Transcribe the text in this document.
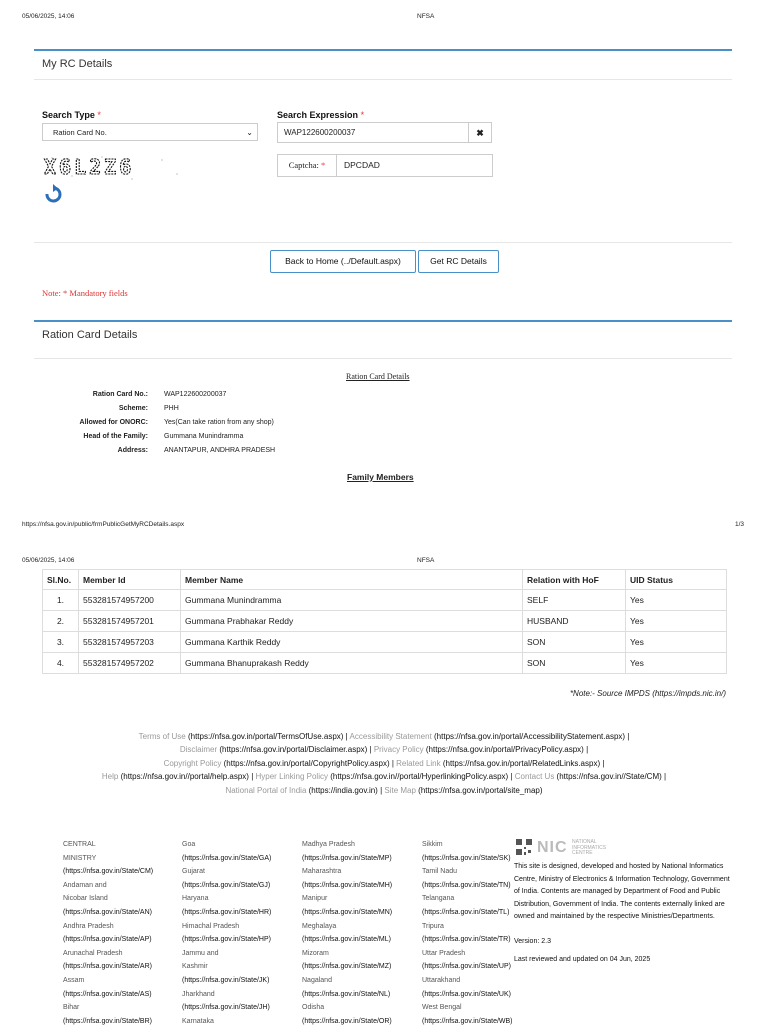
05/06/2025, 14:06	NFSA
My RC Details
Search Type *
Ration Card No.	⌄
Search Expression *
WAP122600200037	✖
X6L2Z6	Captcha: *	DPCDAD
Back to Home (../Default.aspx)	Get RC Details
Note: * Mandatory fields
Ration Card Details
Ration Card Details
Ration Card No.: WAP122600200037
Scheme: PHH
Allowed for ONORC: Yes(Can take ration from any shop)
Head of the Family: Gummana Munindramma
Address: ANANTAPUR, ANDHRA PRADESH
Family Members
https://nfsa.gov.in/public/frmPublicGetMyRCDetails.aspx	1/3
05/06/2025, 14:06	NFSA
Sl.No.	Member Id	Member Name	Relation with HoF	UID Status
1.	553281574957200	Gummana Munindramma	SELF	Yes
2.	553281574957201	Gummana Prabhakar Reddy	HUSBAND	Yes
3.	553281574957203	Gummana Karthik Reddy	SON	Yes
4.	553281574957202	Gummana Bhanuprakash Reddy	SON	Yes
*Note:- Source IMPDS (https://impds.nic.in/)
Terms of Use (https://nfsa.gov.in/portal/TermsOfUse.aspx) | Accessibility Statement (https://nfsa.gov.in/portal/AccessibilityStatement.aspx) |
Disclaimer (https://nfsa.gov.in/portal/Disclaimer.aspx) | Privacy Policy (https://nfsa.gov.in/portal/PrivacyPolicy.aspx) |
Copyright Policy (https://nfsa.gov.in/portal/CopyrightPolicy.aspx) | Related Link (https://nfsa.gov.in/portal/RelatedLinks.aspx) |
Help (https://nfsa.gov.in//portal/help.aspx) | Hyper Linking Policy (https://nfsa.gov.in//portal/HyperlinkingPolicy.aspx) | Contact Us (https://nfsa.gov.in//State/CM) |
National Portal of India (https://india.gov.in) | Site Map (https://nfsa.gov.in/portal/site_map)
CENTRAL
MINISTRY
(https://nfsa.gov.in/State/CM)
Andaman and
Nicobar Island
(https://nfsa.gov.in/State/AN)
Andhra Pradesh
(https://nfsa.gov.in/State/AP)
Arunachal Pradesh
(https://nfsa.gov.in/State/AR)
Assam
(https://nfsa.gov.in/State/AS)
Bihar
(https://nfsa.gov.in/State/BR)
Goa
(https://nfsa.gov.in/State/GA)
Gujarat
(https://nfsa.gov.in/State/GJ)
Haryana
(https://nfsa.gov.in/State/HR)
Himachal Pradesh
(https://nfsa.gov.in/State/HP)
Jammu and
Kashmir
(https://nfsa.gov.in/State/JK)
Jharkhand
(https://nfsa.gov.in/State/JH)
Karnataka
Madhya Pradesh
(https://nfsa.gov.in/State/MP)
Maharashtra
(https://nfsa.gov.in/State/MH)
Manipur
(https://nfsa.gov.in/State/MN)
Meghalaya
(https://nfsa.gov.in/State/ML)
Mizoram
(https://nfsa.gov.in/State/MZ)
Nagaland
(https://nfsa.gov.in/State/NL)
Odisha
(https://nfsa.gov.in/State/OR)
Sikkim
(https://nfsa.gov.in/State/SK)
Tamil Nadu
(https://nfsa.gov.in/State/TN)
Telangana
(https://nfsa.gov.in/State/TL)
Tripura
(https://nfsa.gov.in/State/TR)
Uttar Pradesh
(https://nfsa.gov.in/State/UP)
Uttarakhand
(https://nfsa.gov.in/State/UK)
West Bengal
(https://nfsa.gov.in/State/WB)
NIC NATIONAL INFORMATICS CENTRE
This site is designed, developed and hosted by National Informatics Centre, Ministry of Electronics & Information Technology, Government of India. Contents are managed by Department of Food and Public Distribution, Government of India. The contents externally linked are owned and maintained by the respective Ministries/Departments.
Version: 2.3
Last reviewed and updated on 04 Jun, 2025
